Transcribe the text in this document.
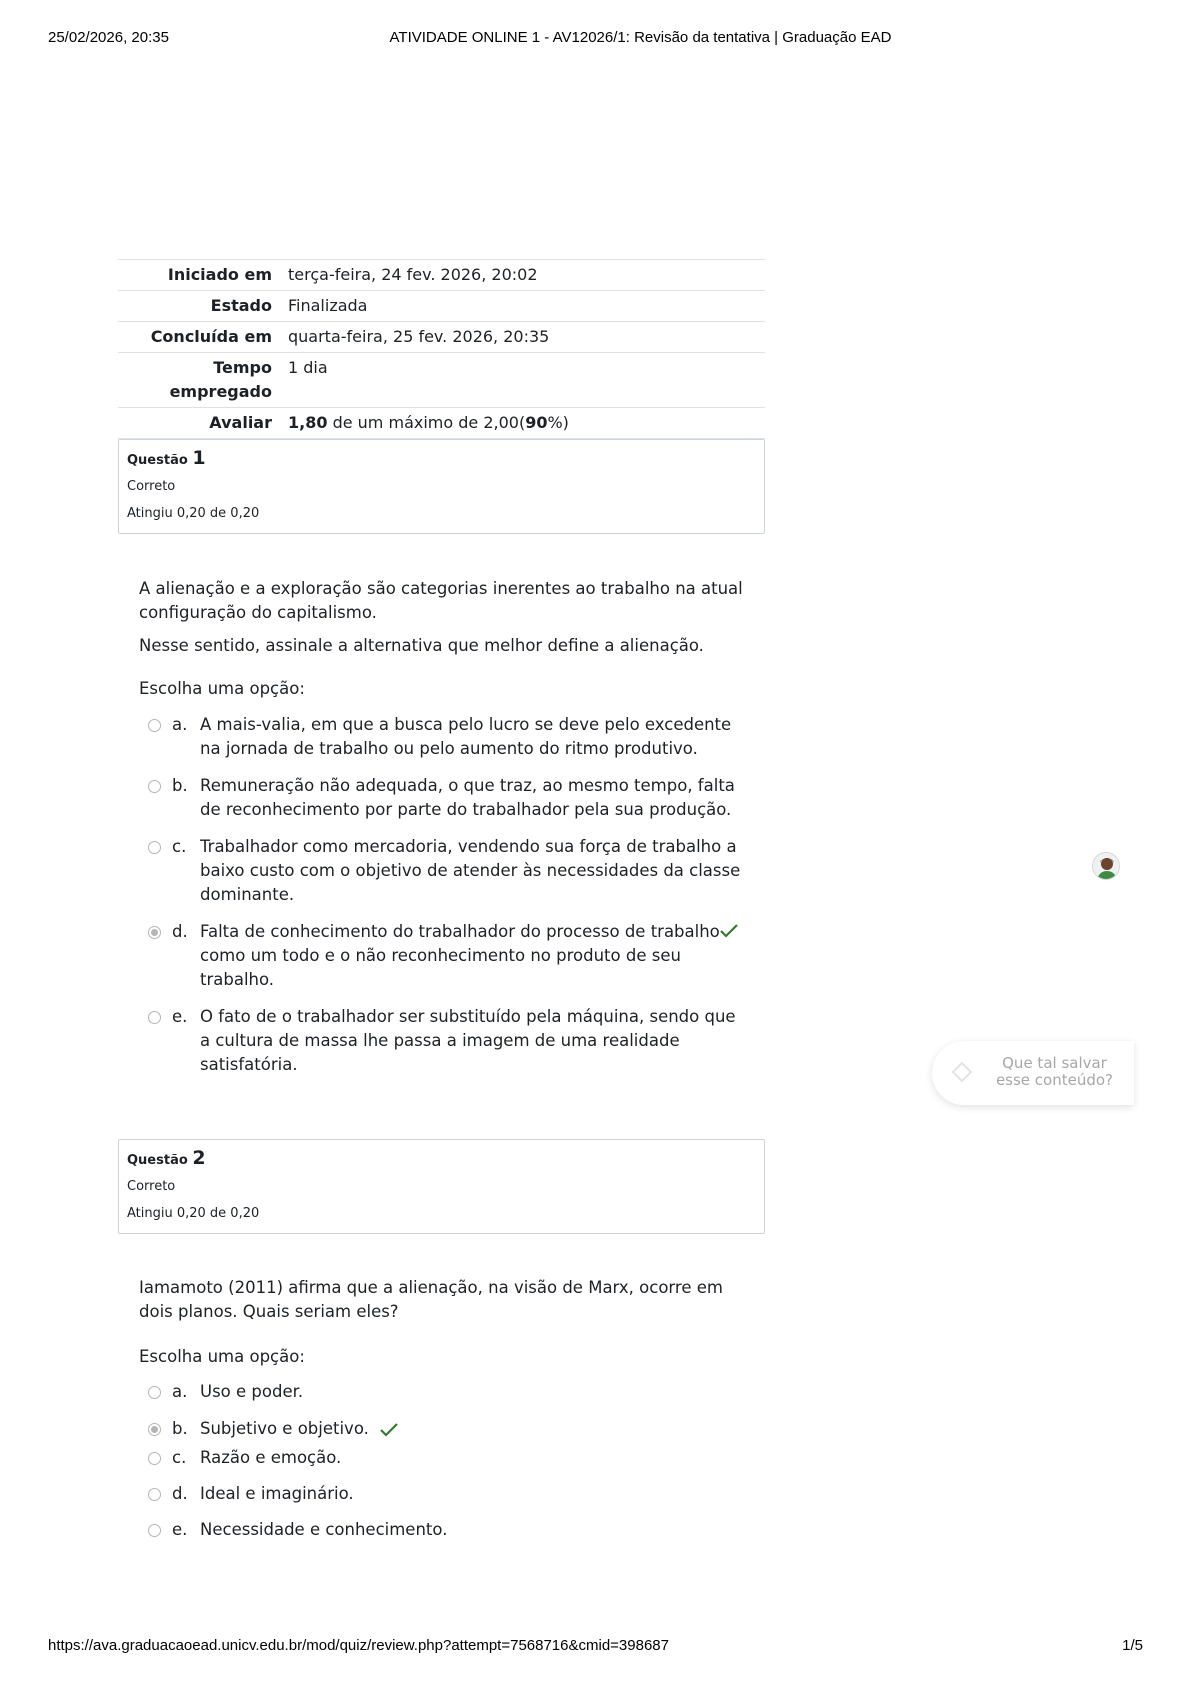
25/02/2026, 20:35	ATIVIDADE ONLINE 1 - AV12026/1: Revisão da tentativa | Graduação EAD
Iniciado em	terça-feira, 24 fev. 2026, 20:02
Estado	Finalizada
Concluída em	quarta-feira, 25 fev. 2026, 20:35
Tempo
empregado	1 dia
Avaliar	1,80 de um máximo de 2,00(90%)
Questão 1
Correto
Atingiu 0,20 de 0,20

A alienação e a exploração são categorias inerentes ao trabalho na atual configuração do capitalismo.

Nesse sentido, assinale a alternativa que melhor define a alienação.

Escolha uma opção:
a. A mais-valia, em que a busca pelo lucro se deve pelo excedente na jornada de trabalho ou pelo aumento do ritmo produtivo.
b. Remuneração não adequada, o que traz, ao mesmo tempo, falta de reconhecimento por parte do trabalhador pela sua produção.
c. Trabalhador como mercadoria, vendendo sua força de trabalho a baixo custo com o objetivo de atender às necessidades da classe dominante.
d. Falta de conhecimento do trabalhador do processo de trabalho como um todo e o não reconhecimento no produto de seu trabalho.
e. O fato de o trabalhador ser substituído pela máquina, sendo que a cultura de massa lhe passa a imagem de uma realidade satisfatória.
Questão 2
Correto
Atingiu 0,20 de 0,20

Iamamoto (2011) afirma que a alienação, na visão de Marx, ocorre em dois planos. Quais seriam eles?

Escolha uma opção:
a. Uso e poder.
b. Subjetivo e objetivo.
c. Razão e emoção.
d. Ideal e imaginário.
e. Necessidade e conhecimento.
Que tal salvar
esse conteúdo?
https://ava.graduacaoead.unicv.edu.br/mod/quiz/review.php?attempt=7568716&cmid=398687	1/5
